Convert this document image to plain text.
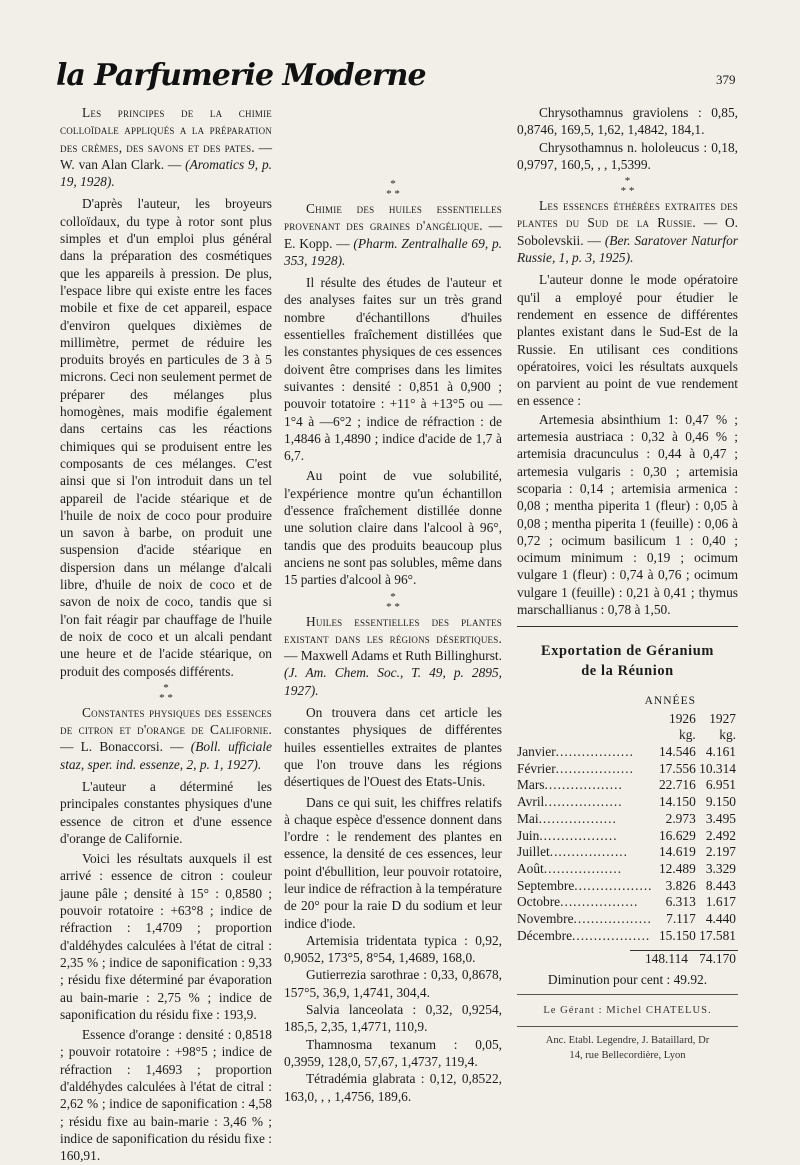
la Parfumerie Moderne	379

Les principes de la chimie colloïdale appliqués a la préparation des crèmes, des savons et des pates. — W. van Alan Clark. — (Aromatics 9, p. 19, 1928).

D'après l'auteur, les broyeurs colloïdaux, du type à rotor sont plus simples et d'un emploi plus général dans la préparation des cosmétiques que les appareils à pression. De plus, l'espace libre qui existe entre les faces mobile et fixe de cet appareil, espace d'environ quelques dixièmes de millimètre, permet de réduire les produits broyés en particules de 3 à 5 microns. Ceci non seulement permet de préparer des mélanges plus homogènes, mais modifie également dans certains cas les réactions chimiques qui se produisent entre les composants de ces mélanges. C'est ainsi que si l'on introduit dans un tel appareil de l'acide stéarique et de l'huile de noix de coco pour produire un savon à barbe, on produit une suspension d'acide stéarique en dispersion dans un mélange d'alcali libre, d'huile de noix de coco et de savon de noix de coco, tandis que si l'on fait réagir par chauffage de l'huile de noix de coco et un alcali pendant une heure et de l'acide stéarique, on produit des composés différents.

*
* *

Constantes physiques des essences de citron et d'orange de Californie. — L. Bonaccorsi. — (Boll. ufficiale staz, sper. ind. essenze, 2, p. 1, 1927).

L'auteur a déterminé les principales constantes physiques d'une essence de citron et d'une essence d'orange de Californie.

Voici les résultats auxquels il est arrivé : essence de citron : couleur jaune pâle ; densité à 15° : 0,8580 ; pouvoir rotatoire : +63°8 ; indice de réfraction : 1,4709 ; proportion d'aldéhydes calculées à l'état de citral : 2,35 % ; indice de saponification : 9,33 ; résidu fixe déterminé par évaporation au bain-marie : 2,75 % ; indice de saponification du résidu fixe : 193,9.

Essence d'orange : densité : 0,8518 ; pouvoir rotatoire : +98°5 ; indice de réfraction : 1,4693 ; proportion d'aldéhydes calculées à l'état de citral : 2,62 % ; indice de saponification : 4,58 ; résidu fixe au bain-marie : 3,46 % ; indice de saponification du résidu fixe : 160,91.

*
* *

Chimie des huiles essentielles provenant des graines d'angélique. — E. Kopp. — (Pharm. Zentralhalle 69, p. 353, 1928).

Il résulte des études de l'auteur et des analyses faites sur un très grand nombre d'échantillons d'huiles essentielles fraîchement distillées que les constantes physiques de ces essences doivent être comprises dans les limites suivantes : densité : 0,851 à 0,900 ; pouvoir totatoire : +11° à +13°5 ou —1°4 à —6°2 ; indice de réfraction : de 1,4846 à 1,4890 ; indice d'acide de 1,7 à 6,7.

Au point de vue solubilité, l'expérience montre qu'un échantillon d'essence fraîchement distillée donne une solution claire dans l'alcool à 96°, tandis que des produits beaucoup plus anciens ne sont pas solubles, même dans 15 parties d'alcool à 96°.

*
* *

Huiles essentielles des plantes existant dans les régions désertiques. — Maxwell Adams et Ruth Billinghurst. (J. Am. Chem. Soc., T. 49, p. 2895, 1927).

On trouvera dans cet article les constantes physiques de différentes huiles essentielles extraites de plantes que l'on trouve dans les régions désertiques de l'Ouest des Etats-Unis.

Dans ce qui suit, les chiffres relatifs à chaque espèce d'essence donnent dans l'ordre : le rendement des plantes en essence, la densité de ces essences, leur point d'ébullition, leur pouvoir rotatoire, leur indice de réfraction à la température de 20° pour la raie D du sodium et leur indice d'iode.

Artemisia tridentata typica : 0,92, 0,9052, 173°5, 8°54, 1,4689, 168,0.

Gutierrezia sarothrae : 0,33, 0,8678, 157°5, 36,9, 1,4741, 304,4.

Salvia lanceolata : 0,32, 0,9254, 185,5, 2,35, 1,4771, 110,9.

Thamnosma texanum : 0,05, 0,3959, 128,0, 57,67, 1,4737, 119,4.

Tétradémia glabrata : 0,12, 0,8522, 163,0, , , 1,4756, 189,6.

Chrysothamnus graviolens : 0,85, 0,8746, 169,5, 1,62, 1,4842, 184,1.

Chrysothamnus n. hololeucus : 0,18, 0,9797, 160,5, , , 1,5399.

*
* *

Les essences éthérées extraites des plantes du Sud de la Russie. — O. Sobolevskii. — (Ber. Saratover Naturfor Russie, 1, p. 3, 1925).

L'auteur donne le mode opératoire qu'il a employé pour étudier le rendement en essence de différentes plantes existant dans le Sud-Est de la Russie. En utilisant ces conditions opératoires, voici les résultats auxquels on parvient au point de vue rendement en essence :

Artemesia absinthium 1: 0,47 % ; artemesia austriaca : 0,32 à 0,46 % ; artemisia dracunculus : 0,44 à 0,47 ; artemesia vulgaris : 0,30 ; artemisia scoparia : 0,14 ; artemisia armenica : 0,08 ; mentha piperita 1 (fleur) : 0,05 à 0,08 ; mentha piperita 1 (feuille) : 0,06 à 0,72 ; ocimum basilicum 1 : 0,40 ; ocimum minimum : 0,19 ; ocimum vulgare 1 (fleur) : 0,74 à 0,76 ; ocimum vulgare 1 (feuille) : 0,21 à 0,41 ; thymus marschallianus : 0,78 à 1,50.

Exportation de Géranium
de la Réunion
ANNÉES
	1926	1927
	kg.	kg.
Janvier..................	14.546	4.161
Février..................	17.556	10.314
Mars..................	22.716	6.951
Avril..................	14.150	9.150
Mai..................	2.973	3.495
Juin..................	16.629	2.492
Juillet..................	14.619	2.197
Août..................	12.489	3.329
Septembre..................	3.826	8.443
Octobre..................	6.313	1.617
Novembre..................	7.117	4.440
Décembre..................	15.150	17.581
	148.114	74.170
Diminution pour cent : 49.92.
Le Gérant : Michel CHATELUS.
Anc. Etabl. Legendre, J. Bataillard, Dr
14, rue Bellecordière, Lyon
